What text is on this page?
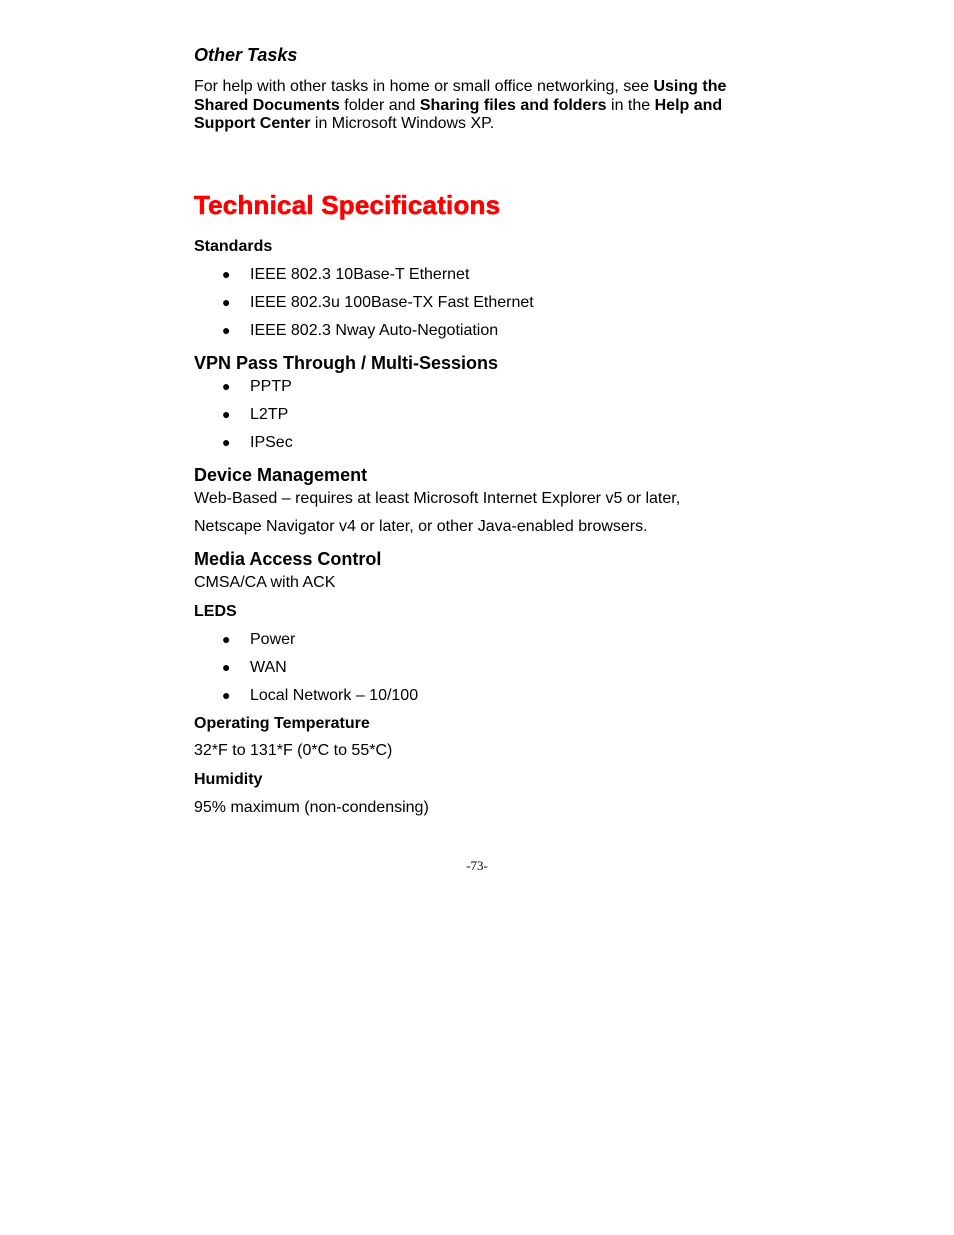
Other Tasks
For help with other tasks in home or small office networking, see Using the Shared Documents folder and Sharing files and folders in the Help and Support Center in Microsoft Windows XP.
Technical Specifications
Standards
● IEEE 802.3 10Base-T Ethernet
● IEEE 802.3u 100Base-TX Fast Ethernet
● IEEE 802.3 Nway Auto-Negotiation
VPN Pass Through / Multi-Sessions
● PPTP
● L2TP
● IPSec
Device Management
Web-Based – requires at least Microsoft Internet Explorer v5 or later,
Netscape Navigator v4 or later, or other Java-enabled browsers.
Media Access Control
CMSA/CA with ACK
LEDS
● Power
● WAN
● Local Network – 10/100
Operating Temperature
32*F to 131*F (0*C to 55*C)
Humidity
95% maximum (non-condensing)
-73-
